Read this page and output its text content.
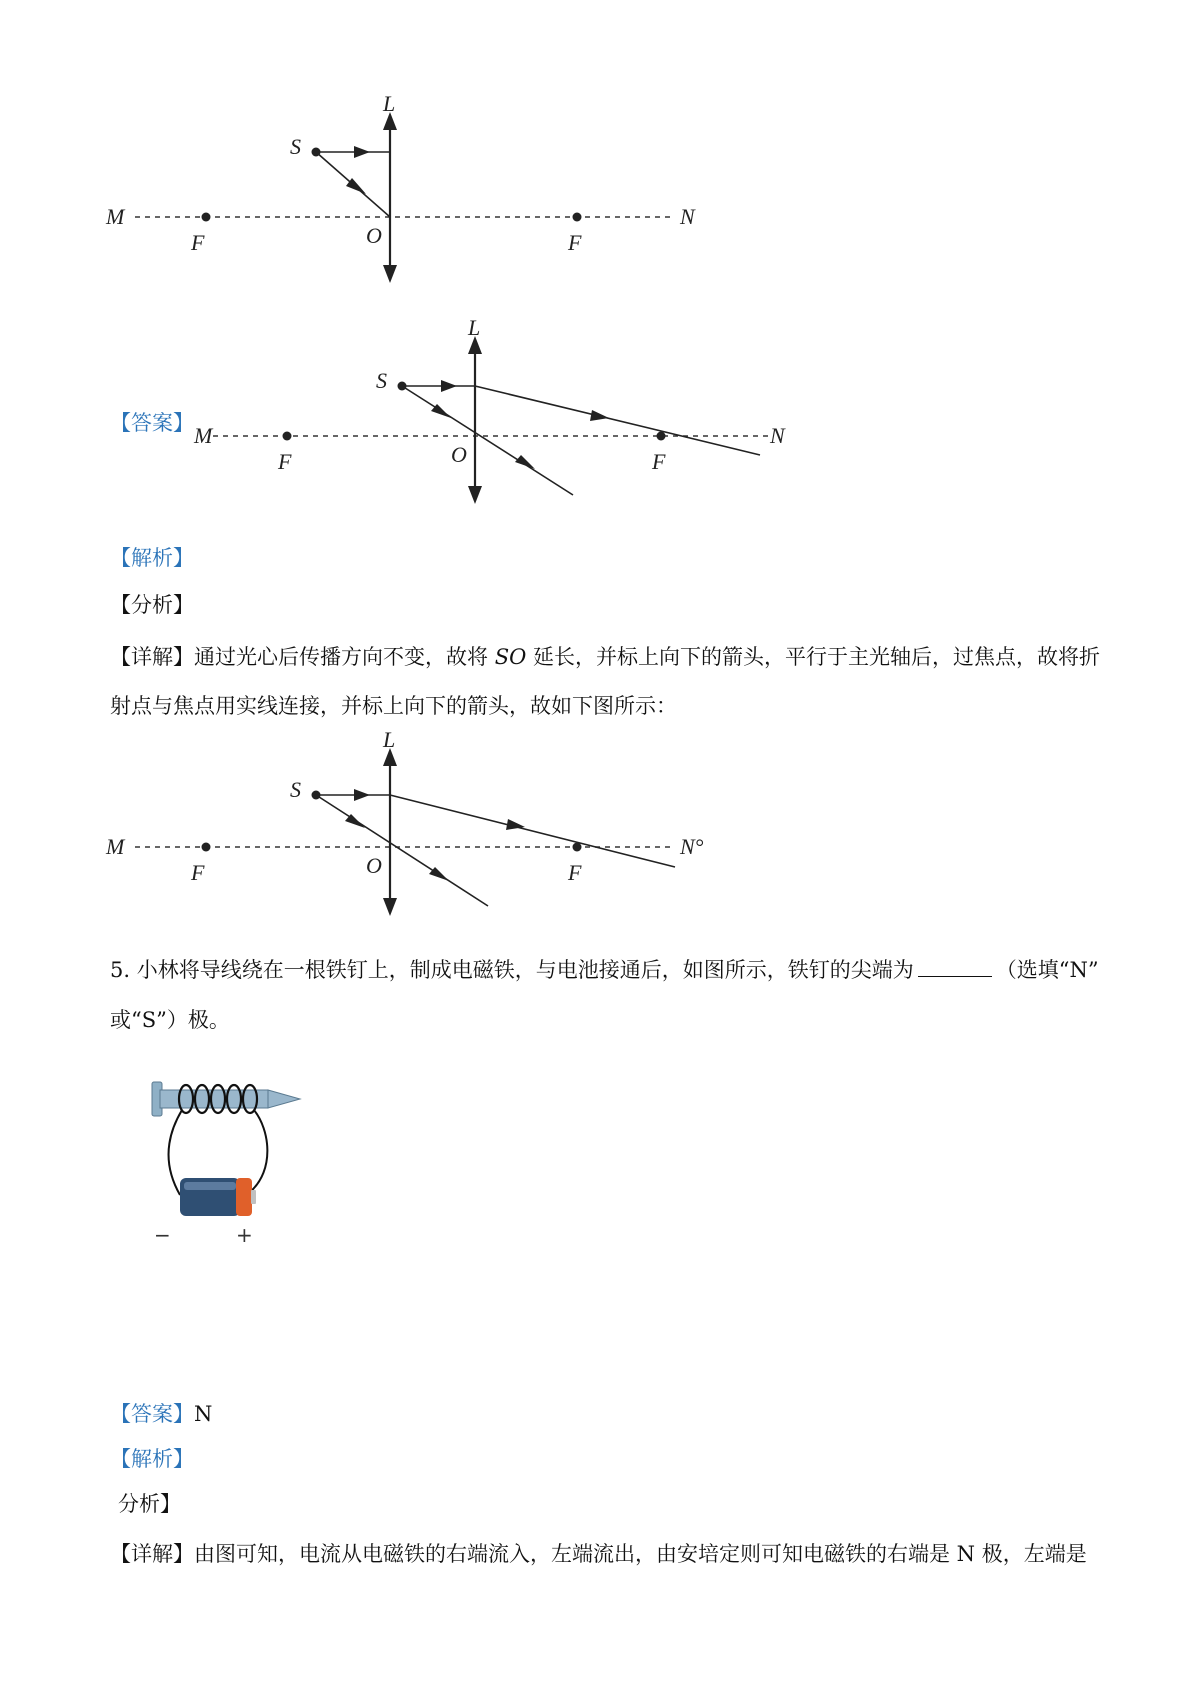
L
S
M	N
F	O	F
【答案】
L
S
M	N
F	O	F
【解析】
【分析】
【详解】通过光心后传播方向不变，故将 SO 延长，并标上向下的箭头，平行于主光轴后，过焦点，故将折
射点与焦点用实线连接，并标上向下的箭头，故如下图所示：
L
S
M	N°
F	O	F
5. 小林将导线绕在一根铁钉上，制成电磁铁，与电池接通后，如图所示，铁钉的尖端为	（选填“N”
或“S”）极。
−	+
【答案】N
【解析】
分析】
【详解】由图可知，电流从电磁铁的右端流入，左端流出，由安培定则可知电磁铁的右端是 N 极，左端是
